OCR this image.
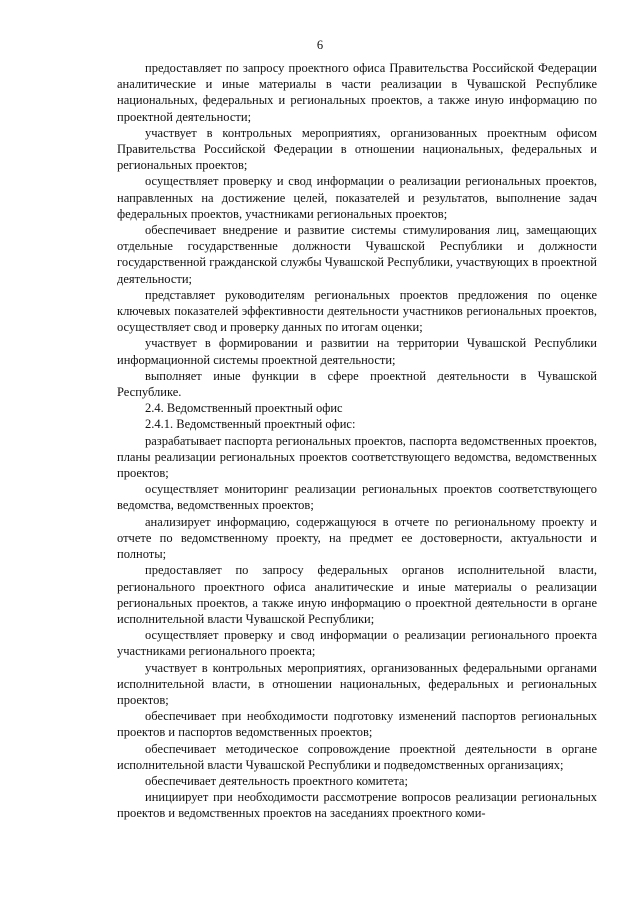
6

предоставляет по запросу проектного офиса Правительства Российской Федерации аналитические и иные материалы в части реализации в Чувашской Республике национальных, федеральных и региональных проектов, а также иную информацию по проектной деятельности;

участвует в контрольных мероприятиях, организованных проектным офисом Правительства Российской Федерации в отношении национальных, федеральных и региональных проектов;

осуществляет проверку и свод информации о реализации региональных проектов, направленных на достижение целей, показателей и результатов, выполнение задач федеральных проектов, участниками региональных проектов;

обеспечивает внедрение и развитие системы стимулирования лиц, замещающих отдельные государственные должности Чувашской Республики и должности государственной гражданской службы Чувашской Республики, участвующих в проектной деятельности;

представляет руководителям региональных проектов предложения по оценке ключевых показателей эффективности деятельности участников региональных проектов, осуществляет свод и проверку данных по итогам оценки;

участвует в формировании и развитии на территории Чувашской Республики информационной системы проектной деятельности;

выполняет иные функции в сфере проектной деятельности в Чувашской Республике.

2.4. Ведомственный проектный офис

2.4.1. Ведомственный проектный офис:

разрабатывает паспорта региональных проектов, паспорта ведомственных проектов, планы реализации региональных проектов соответствующего ведомства, ведомственных проектов;

осуществляет мониторинг реализации региональных проектов соответствующего ведомства, ведомственных проектов;

анализирует информацию, содержащуюся в отчете по региональному проекту и отчете по ведомственному проекту, на предмет ее достоверности, актуальности и полноты;

предоставляет по запросу федеральных органов исполнительной власти, регионального проектного офиса аналитические и иные материалы о реализации региональных проектов, а также иную информацию о проектной деятельности в органе исполнительной власти Чувашской Республики;

осуществляет проверку и свод информации о реализации регионального проекта участниками регионального проекта;

участвует в контрольных мероприятиях, организованных федеральными органами исполнительной власти, в отношении национальных, федеральных и региональных проектов;

обеспечивает при необходимости подготовку изменений паспортов региональных проектов и паспортов ведомственных проектов;

обеспечивает методическое сопровождение проектной деятельности в органе исполнительной власти Чувашской Республики и подведомственных организациях;

обеспечивает деятельность проектного комитета;

инициирует при необходимости рассмотрение вопросов реализации региональных проектов и ведомственных проектов на заседаниях проектного коми-
